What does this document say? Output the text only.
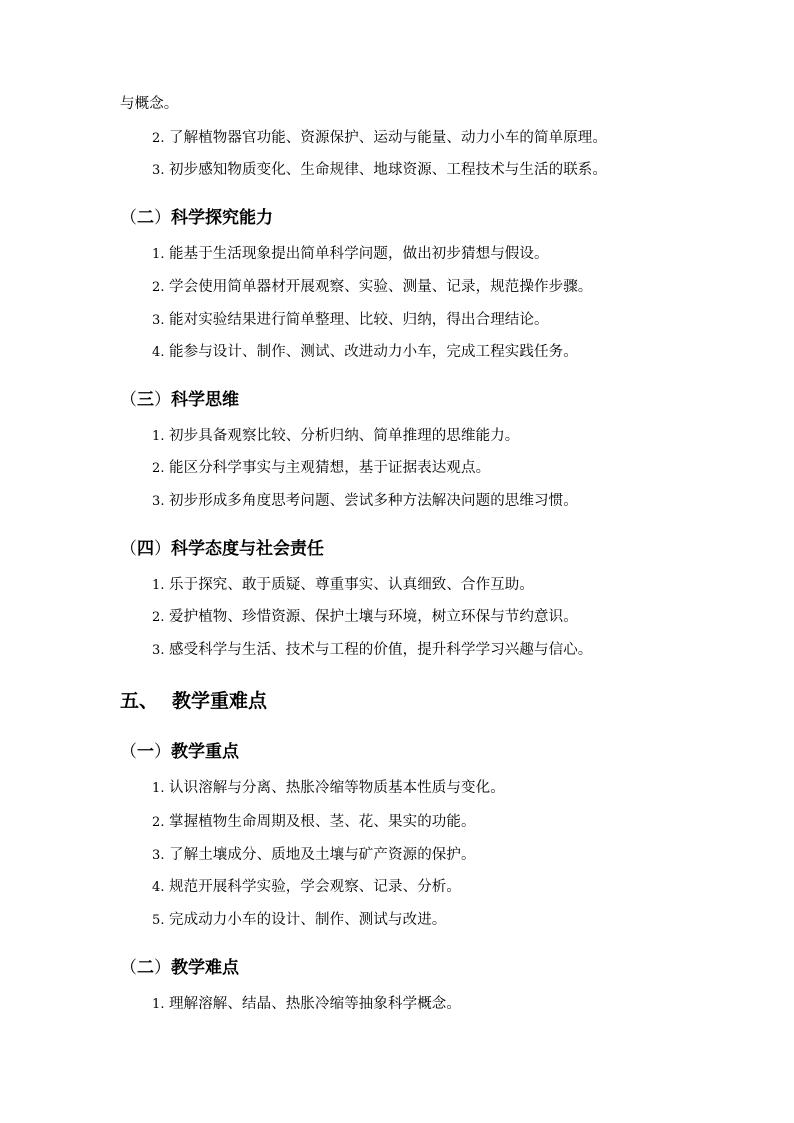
与概念。
2. 了解植物器官功能、资源保护、运动与能量、动力小车的简单原理。
3. 初步感知物质变化、生命规律、地球资源、工程技术与生活的联系。
（二）科学探究能力
1. 能基于生活现象提出简单科学问题，做出初步猜想与假设。
2. 学会使用简单器材开展观察、实验、测量、记录，规范操作步骤。
3. 能对实验结果进行简单整理、比较、归纳，得出合理结论。
4. 能参与设计、制作、测试、改进动力小车，完成工程实践任务。
（三）科学思维
1. 初步具备观察比较、分析归纳、简单推理的思维能力。
2. 能区分科学事实与主观猜想，基于证据表达观点。
3. 初步形成多角度思考问题、尝试多种方法解决问题的思维习惯。
（四）科学态度与社会责任
1. 乐于探究、敢于质疑、尊重事实、认真细致、合作互助。
2. 爱护植物、珍惜资源、保护土壤与环境，树立环保与节约意识。
3. 感受科学与生活、技术与工程的价值，提升科学学习兴趣与信心。
五、 教学重难点
（一）教学重点
1. 认识溶解与分离、热胀冷缩等物质基本性质与变化。
2. 掌握植物生命周期及根、茎、花、果实的功能。
3. 了解土壤成分、质地及土壤与矿产资源的保护。
4. 规范开展科学实验，学会观察、记录、分析。
5. 完成动力小车的设计、制作、测试与改进。
（二）教学难点
1. 理解溶解、结晶、热胀冷缩等抽象科学概念。
